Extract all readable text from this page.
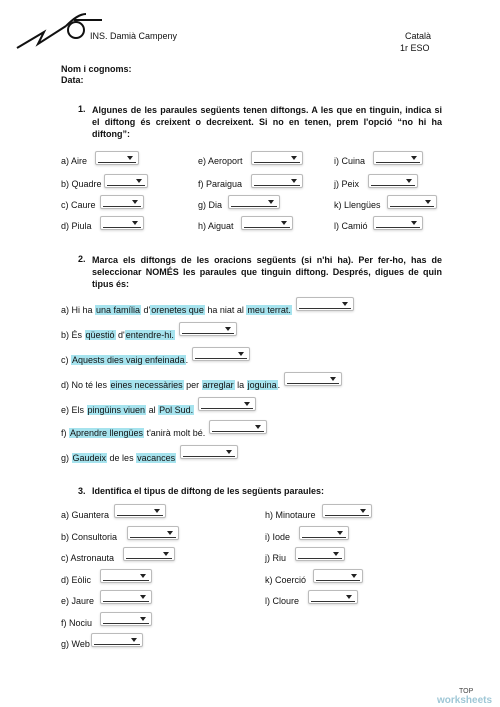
INS. Damià Campeny	Català
1r ESO
Nom i cognoms:
Data:
1. Algunes de les paraules següents tenen diftongs. A les que en tinguin, indica si el diftong és creixent o decreixent. Si no en tenen, prem l'opció “no hi ha diftong”:
a) Aire	e) Aeroport	i) Cuina
b) Quadre	f) Paraigua	j) Peix
c) Caure	g) Dia	k) Llengües
d) Piula	h) Aiguat	l) Camió
2. Marca els diftongs de les oracions següents (si n'hi ha). Per fer-ho, has de seleccionar NOMÉS les paraules que tinguin diftong. Després, digues de quin tipus és:
a) Hi ha una família d'orenetes que ha niat al meu terrat.
b) És qüestió d'entendre-hi.
c) Aquests dies vaig enfeinada.
d) No té les eines necessàries per arreglar la joguina.
e) Els pingüins viuen al Pol Sud.
f) Aprendre llengües t'anirà molt bé.
g) Gaudeix de les vacances
3. Identifica el tipus de diftong de les següents paraules:
a) Guantera
b) Consultoria
c) Astronauta
d) Eòlic
e) Jaure
f) Nociu
g) Web
h) Minotaure
i) Iode
j) Riu
k) Coerció
l) Cloure
TOP
worksheets
